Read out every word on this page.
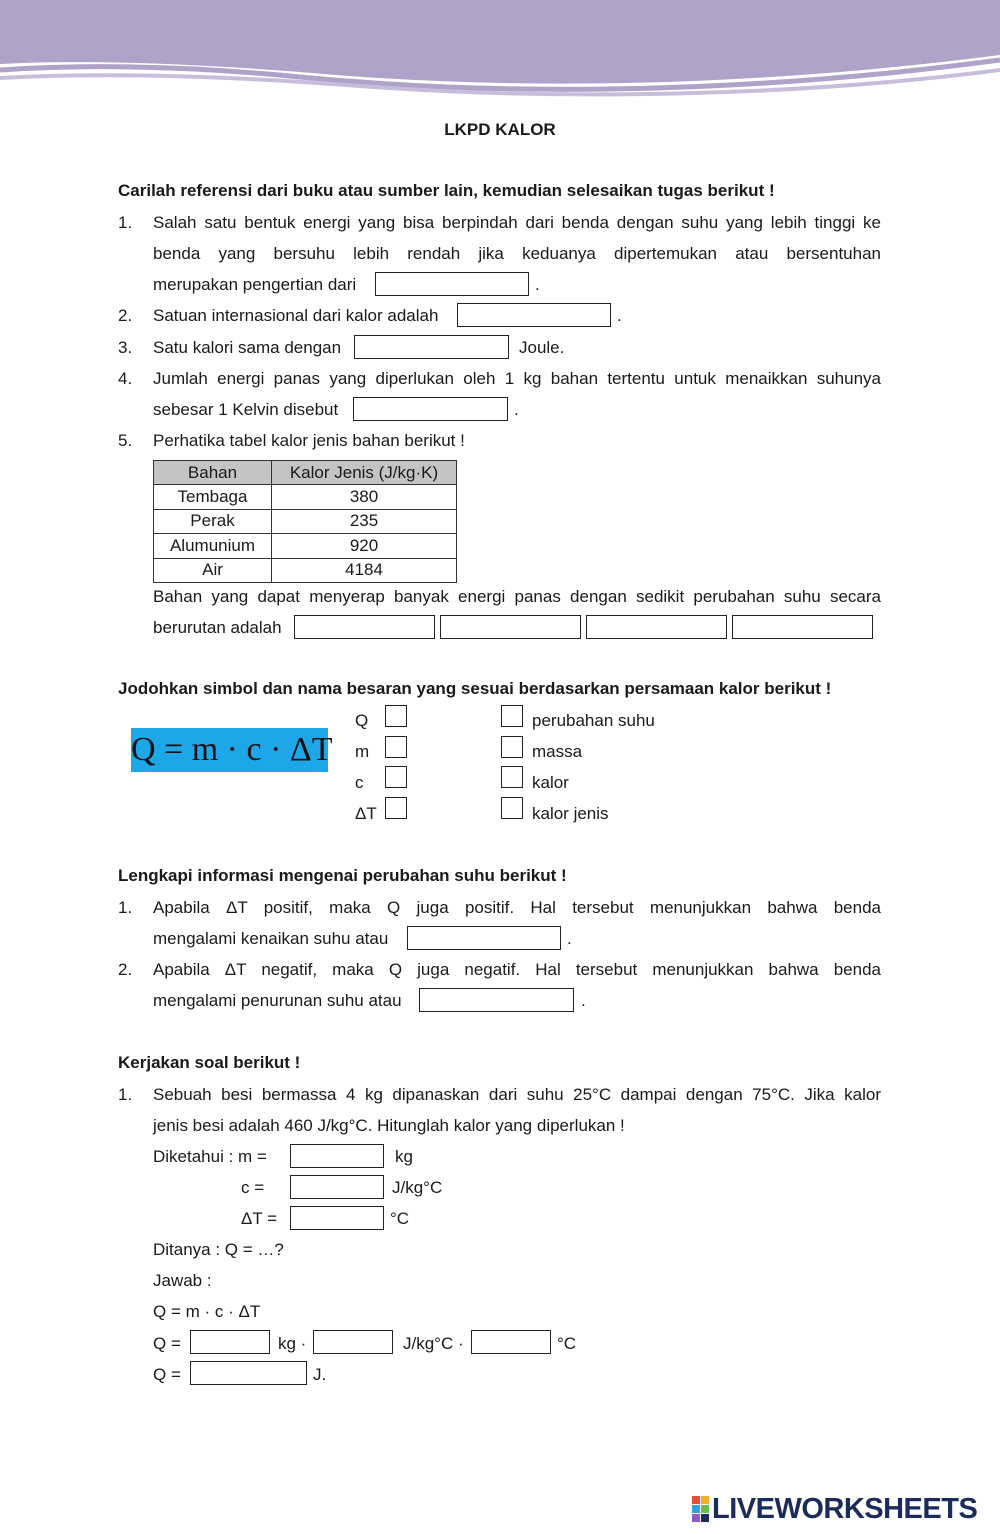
LKPD KALOR
Carilah referensi dari buku atau sumber lain, kemudian selesaikan tugas berikut !
1. Salah satu bentuk energi yang bisa berpindah dari benda dengan suhu yang lebih tinggi ke
benda yang bersuhu lebih rendah jika keduanya dipertemukan atau bersentuhan
merupakan pengertian dari	.
2. Satuan internasional dari kalor adalah	.
3. Satu kalori sama dengan	Joule.
4. Jumlah energi panas yang diperlukan oleh 1 kg bahan tertentu untuk menaikkan suhunya
sebesar 1 Kelvin disebut	.
5. Perhatika tabel kalor jenis bahan berikut !
Bahan	Kalor Jenis (J/kg·K)
Tembaga	380
Perak	235
Alumunium	920
Air	4184
Bahan yang dapat menyerap banyak energi panas dengan sedikit perubahan suhu secara
berurutan adalah
Jodohkan simbol dan nama besaran yang sesuai berdasarkan persamaan kalor berikut !
Q = m · c · ΔT
Q
m
c
ΔT
perubahan suhu
massa
kalor
kalor jenis
Lengkapi informasi mengenai perubahan suhu berikut !
1. Apabila ΔT positif, maka Q juga positif. Hal tersebut menunjukkan bahwa benda
mengalami kenaikan suhu atau	.
2. Apabila ΔT negatif, maka Q juga negatif. Hal tersebut menunjukkan bahwa benda
mengalami penurunan suhu atau	.
Kerjakan soal berikut !
1. Sebuah besi bermassa 4 kg dipanaskan dari suhu 25°C dampai dengan 75°C. Jika kalor
jenis besi adalah 460 J/kg°C. Hitunglah kalor yang diperlukan !
Diketahui : m =	kg
c =	J/kg°C
ΔT =	°C
Ditanya : Q = …?
Jawab :
Q = m · c · ΔT
Q =	kg ·	J/kg°C ·	°C
Q =	J.
LIVEWORKSHEETS
